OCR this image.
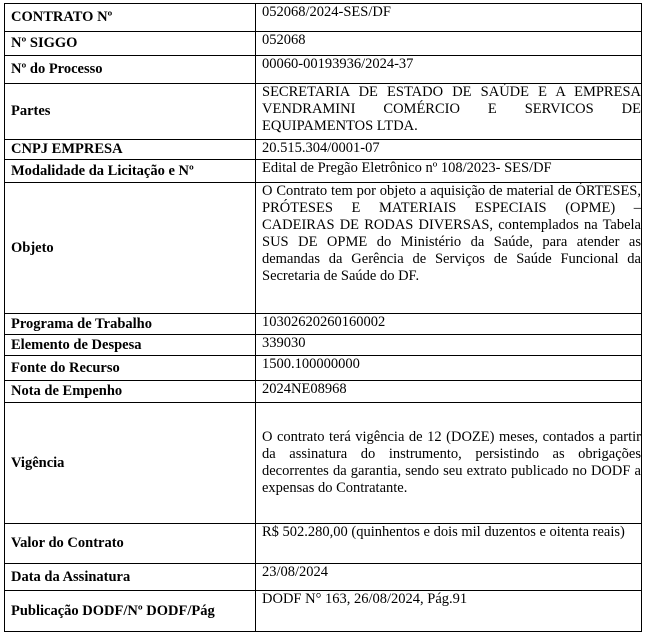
CONTRATO Nº	052068/2024-SES/DF
Nº SIGGO	052068
Nº do Processo	00060-00193936/2024-37
Partes	SECRETARIA DE ESTADO DE SAÚDE E A EMPRESA VENDRAMINI COMÉRCIO E SERVICOS DE EQUIPAMENTOS LTDA.
CNPJ EMPRESA	20.515.304/0001-07
Modalidade da Licitação e Nº	Edital de Pregão Eletrônico nº 108/2023- SES/DF
Objeto	O Contrato tem por objeto a aquisição de material de ÓRTESES, PRÓTESES E MATERIAIS ESPECIAIS (OPME) – CADEIRAS DE RODAS DIVERSAS, contemplados na Tabela SUS DE OPME do Ministério da Saúde, para atender as demandas da Gerência de Serviços de Saúde Funcional da Secretaria de Saúde do DF.
Programa de Trabalho	10302620260160002
Elemento de Despesa	339030
Fonte do Recurso	1500.100000000
Nota de Empenho	2024NE08968
Vigência	O contrato terá vigência de 12 (DOZE) meses, contados a partir da assinatura do instrumento, persistindo as obrigações decorrentes da garantia, sendo seu extrato publicado no DODF a expensas do Contratante.
Valor do Contrato	R$ 502.280,00 (quinhentos e dois mil duzentos e oitenta reais)
Data da Assinatura	23/08/2024
Publicação DODF/Nº DODF/Pág	DODF N° 163, 26/08/2024, Pág.91
